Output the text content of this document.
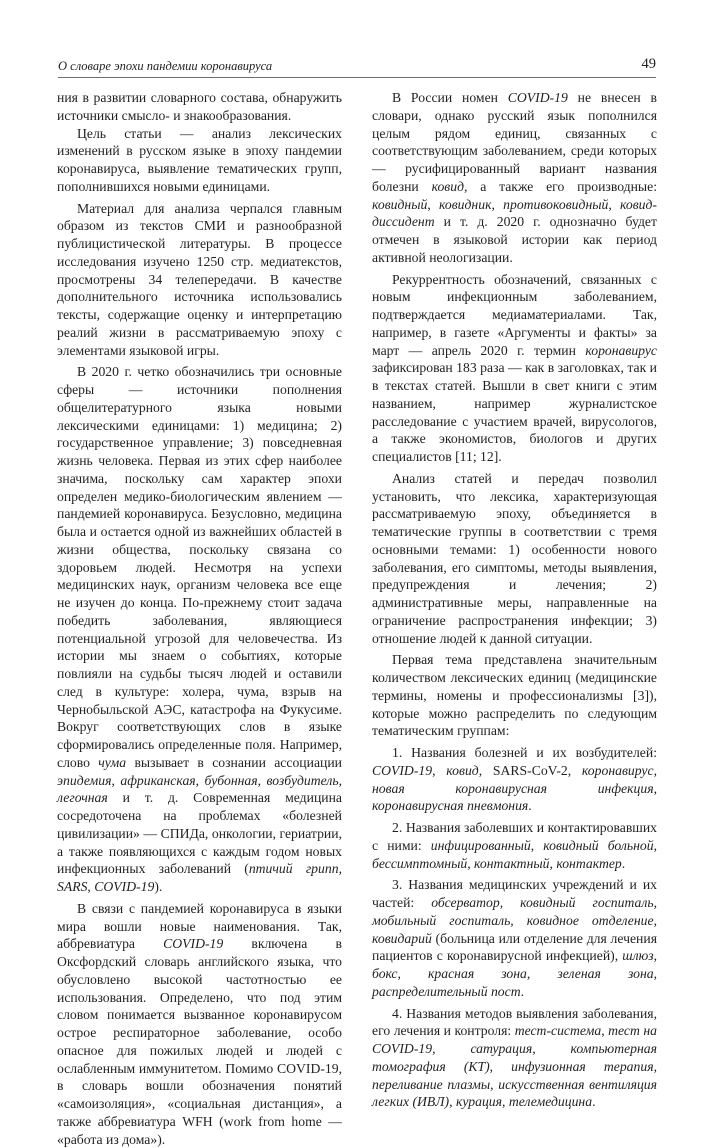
О словаре эпохи пандемии коронавируса	49

ния в развитии словарного состава, обнаружить источники смысло- и знакообразования.

Цель статьи — анализ лексических изменений в русском языке в эпоху пандемии коронавируса, выявление тематических групп, пополнившихся новыми единицами.

Материал для анализа черпался главным образом из текстов СМИ и разнообразной публицистической литературы. В процессе исследования изучено 1250 стр. медиатекстов, просмотрены 34 телепередачи. В качестве дополнительного источника использовались тексты, содержащие оценку и интерпретацию реалий жизни в рассматриваемую эпоху с элементами языковой игры.

В 2020 г. четко обозначились три основные сферы — источники пополнения общелитературного языка новыми лексическими единицами: 1) медицина; 2) государственное управление; 3) повседневная жизнь человека. Первая из этих сфер наиболее значима, поскольку сам характер эпохи определен медико-биологическим явлением — пандемией коронавируса. Безусловно, медицина была и остается одной из важнейших областей в жизни общества, поскольку связана со здоровьем людей. Несмотря на успехи медицинских наук, организм человека все еще не изучен до конца. По-прежнему стоит задача победить заболевания, являющиеся потенциальной угрозой для человечества. Из истории мы знаем о событиях, которые повлияли на судьбы тысяч людей и оставили след в культуре: холера, чума, взрыв на Чернобыльской АЭС, катастрофа на Фукусиме. Вокруг соответствующих слов в языке сформировались определенные поля. Например, слово чума вызывает в сознании ассоциации эпидемия, африканская, бубонная, возбудитель, легочная и т. д. Современная медицина сосредоточена на проблемах «болезней цивилизации» — СПИДа, онкологии, гериатрии, а также появляющихся с каждым годом новых инфекционных заболеваний (птичий грипп, SARS, COVID-19).

В связи с пандемией коронавируса в языки мира вошли новые наименования. Так, аббревиатура COVID-19 включена в Оксфордский словарь английского языка, что обусловлено высокой частотностью ее использования. Определено, что под этим словом понимается вызванное коронавирусом острое респираторное заболевание, особо опасное для пожилых людей и людей с ослабленным иммунитетом. Помимо COVID-19, в словарь вошли обозначения понятий «самоизоляция», «социальная дистанция», а также аббревиатура WFH (work from home — «работа из дома»).

В России номен COVID-19 не внесен в словари, однако русский язык пополнился целым рядом единиц, связанных с соответствующим заболеванием, среди которых — русифицированный вариант названия болезни ковид, а также его производные: ковидный, ковидник, противоковидный, ковид-диссидент и т. д. 2020 г. однозначно будет отмечен в языковой истории как период активной неологизации.

Рекуррентность обозначений, связанных с новым инфекционным заболеванием, подтверждается медиаматериалами. Так, например, в газете «Аргументы и факты» за март — апрель 2020 г. термин коронавирус зафиксирован 183 раза — как в заголовках, так и в текстах статей. Вышли в свет книги с этим названием, например журналистское расследование с участием врачей, вирусологов, а также экономистов, биологов и других специалистов [11; 12].

Анализ статей и передач позволил установить, что лексика, характеризующая рассматриваемую эпоху, объединяется в тематические группы в соответствии с тремя основными темами: 1) особенности нового заболевания, его симптомы, методы выявления, предупреждения и лечения; 2) административные меры, направленные на ограничение распространения инфекции; 3) отношение людей к данной ситуации.

Первая тема представлена значительным количеством лексических единиц (медицинские термины, номены и профессионализмы [3]), которые можно распределить по следующим тематическим группам:

1. Названия болезней и их возбудителей: COVID-19, ковид, SARS-CoV-2, коронавирус, новая коронавирусная инфекция, коронавирусная пневмония.

2. Названия заболевших и контактировавших с ними: инфицированный, ковидный больной, бессимптомный, контактный, контактер.

3. Названия медицинских учреждений и их частей: обсерватор, ковидный госпиталь, мобильный госпиталь, ковидное отделение, ковидарий (больница или отделение для лечения пациентов с коронавирусной инфекцией), шлюз, бокс, красная зона, зеленая зона, распределительный пост.

4. Названия методов выявления заболевания, его лечения и контроля: тест-система, тест на COVID-19, сатурация, компьютерная томография (КТ), инфузионная терапия, переливание плазмы, искусственная вентиляция легких (ИВЛ), курация, телемедицина.
